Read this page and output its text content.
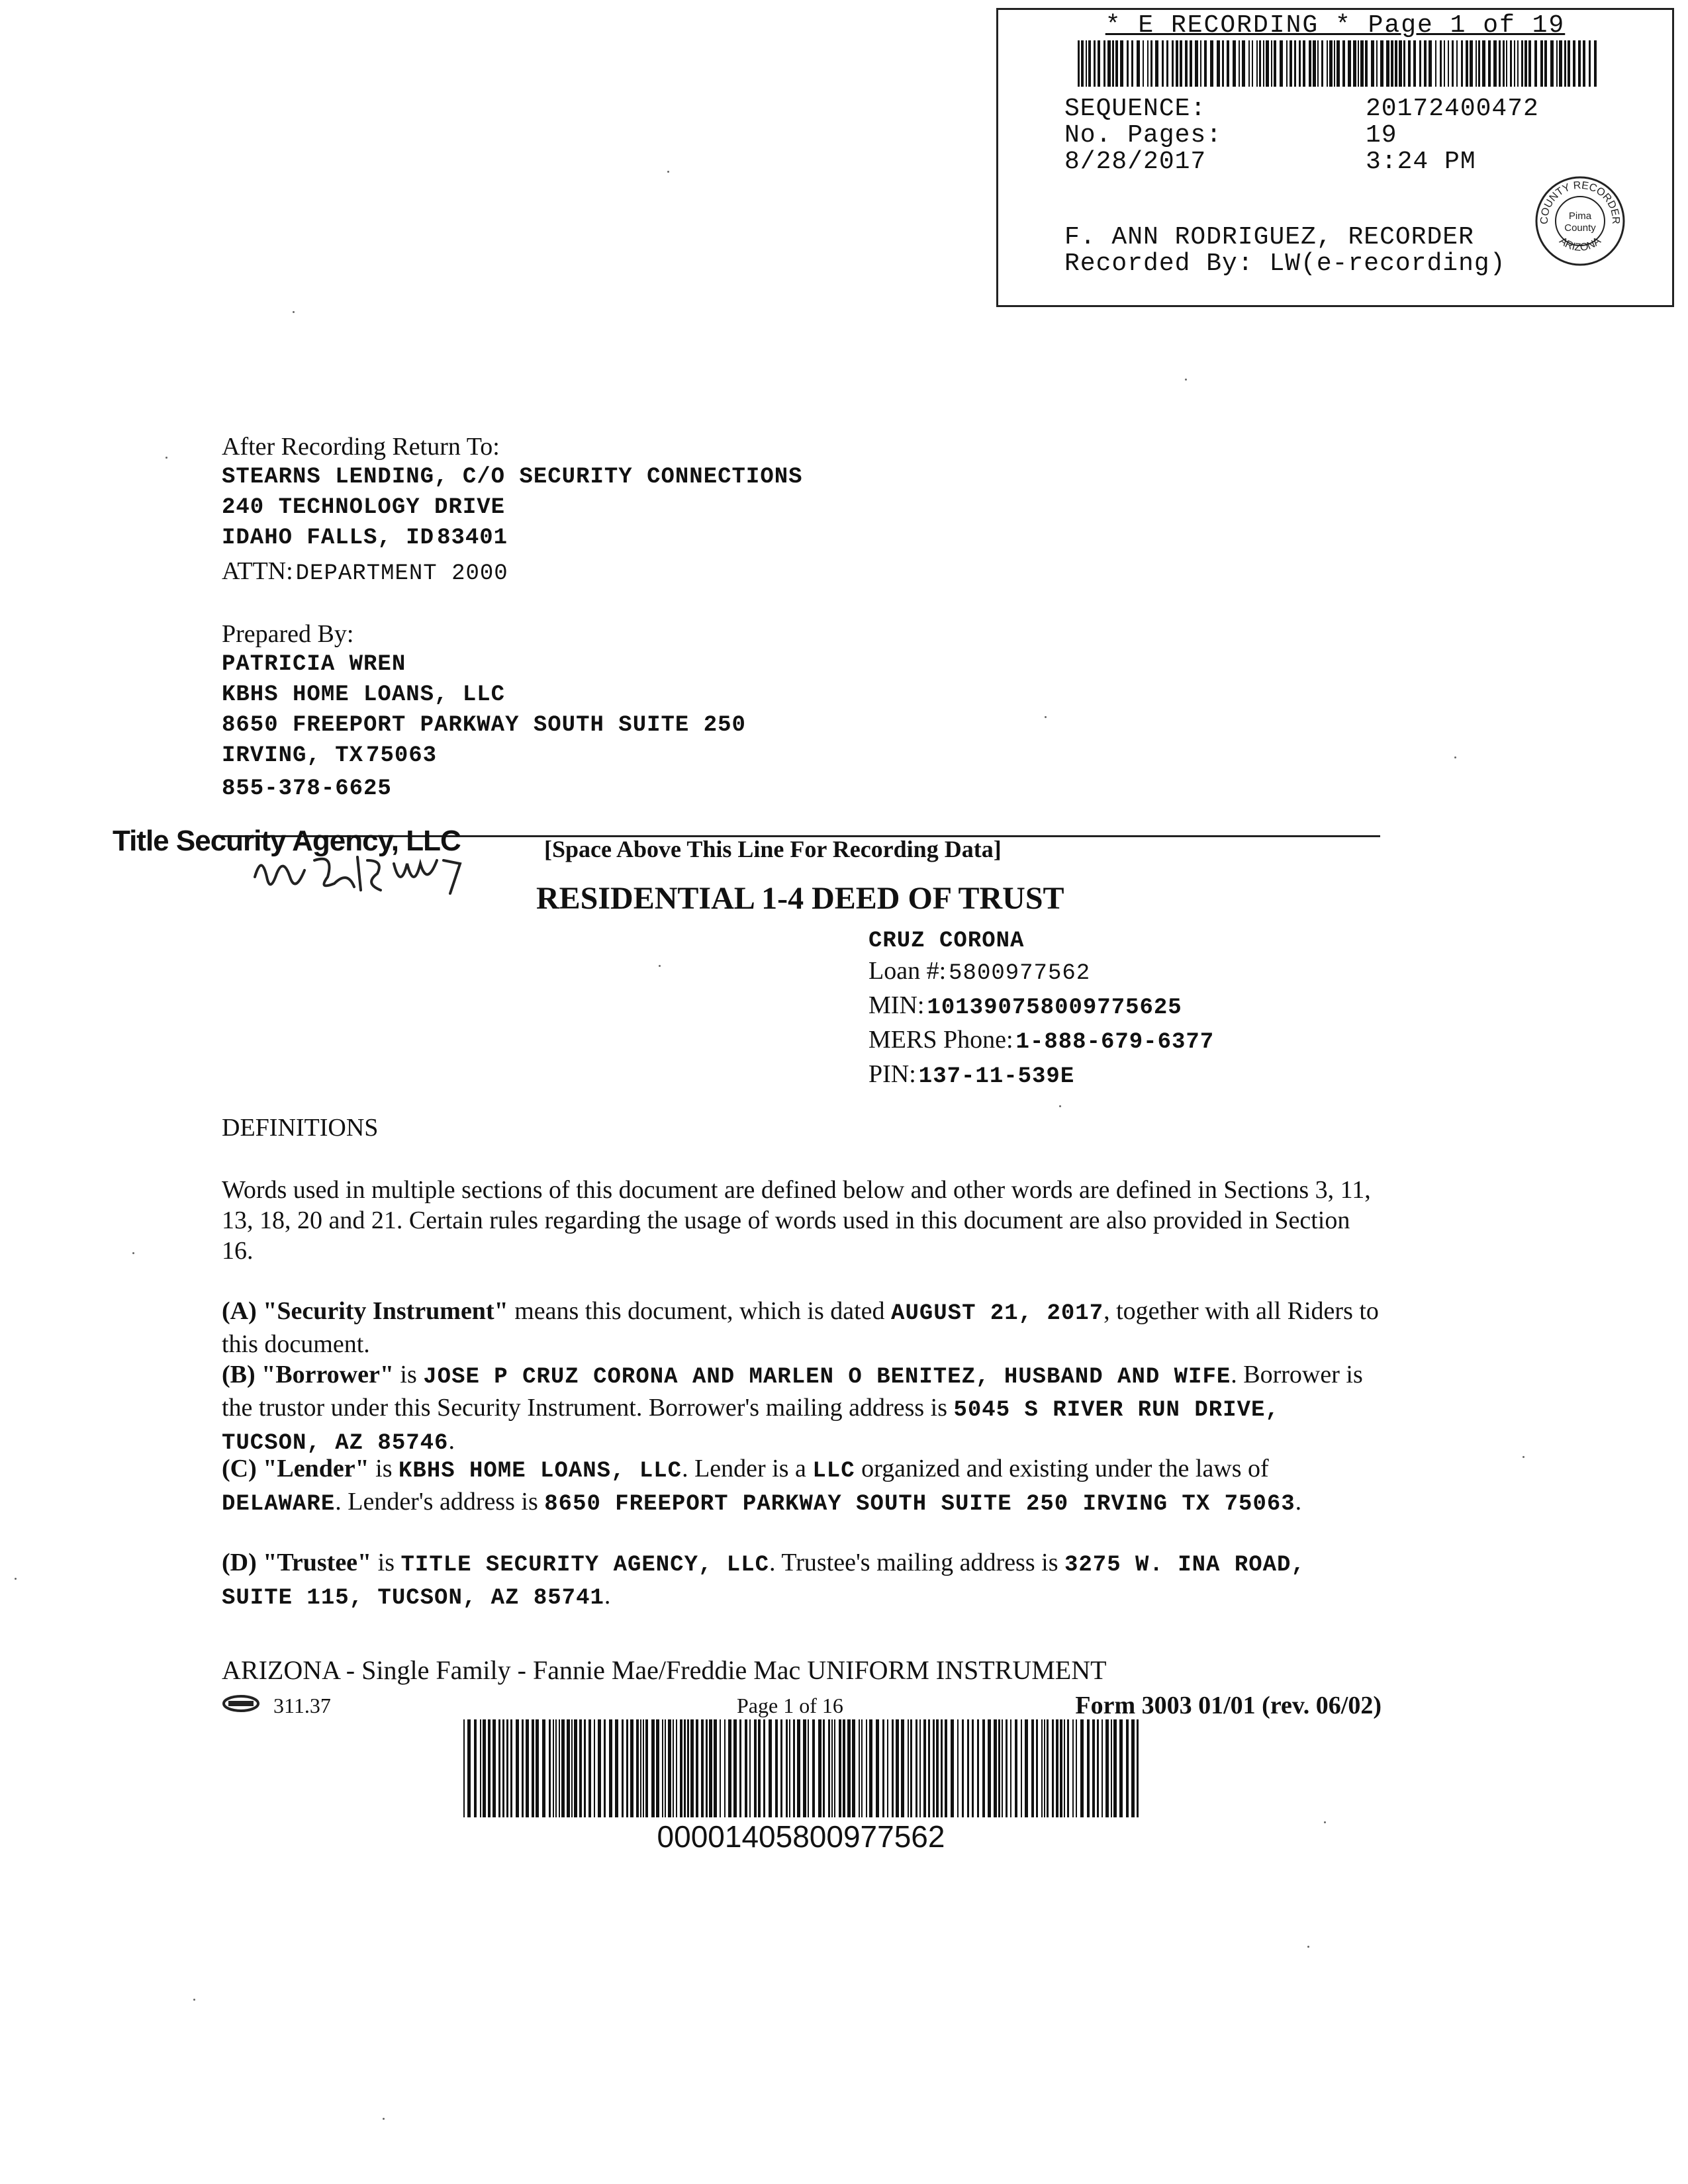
* E RECORDING * Page 1 of 19
SEQUENCE:	20172400472
No. Pages:	19
8/28/2017	3:24 PM
F. ANN RODRIGUEZ, RECORDER
Recorded By: LW(e-recording)
COUNTY RECORDER
ARIZONA
Pima
County
After Recording Return To:
STEARNS LENDING, C/O SECURITY CONNECTIONS
240 TECHNOLOGY DRIVE
IDAHO FALLS, ID 83401
ATTN: DEPARTMENT 2000
Prepared By:
PATRICIA WREN
KBHS HOME LOANS, LLC
8650 FREEPORT PARKWAY SOUTH SUITE 250
IRVING, TX 75063
855-378-6625
Title Security Agency, LLC	[Space Above This Line For Recording Data]
RESIDENTIAL 1-4 DEED OF TRUST
CRUZ CORONA
Loan #: 5800977562
MIN: 101390758009775625
MERS Phone: 1-888-679-6377
PIN: 137-11-539E
DEFINITIONS
Words used in multiple sections of this document are defined below and other words are defined in Sections 3, 11, 13, 18, 20 and 21. Certain rules regarding the usage of words used in this document are also provided in Section 16.
(A) "Security Instrument" means this document, which is dated AUGUST 21, 2017, together with all Riders to this document.
(B) "Borrower" is JOSE P CRUZ CORONA AND MARLEN O BENITEZ, HUSBAND AND WIFE. Borrower is the trustor under this Security Instrument. Borrower's mailing address is 5045 S RIVER RUN DRIVE, TUCSON, AZ 85746.
(C) "Lender" is KBHS HOME LOANS, LLC. Lender is a LLC organized and existing under the laws of DELAWARE. Lender's address is 8650 FREEPORT PARKWAY SOUTH SUITE 250 IRVING TX 75063.
(D) "Trustee" is TITLE SECURITY AGENCY, LLC. Trustee's mailing address is 3275 W. INA ROAD, SUITE 115, TUCSON, AZ 85741.
ARIZONA - Single Family - Fannie Mae/Freddie Mac UNIFORM INSTRUMENT
311.37	Page 1 of 16	Form 3003 01/01 (rev. 06/02)
00001405800977562
